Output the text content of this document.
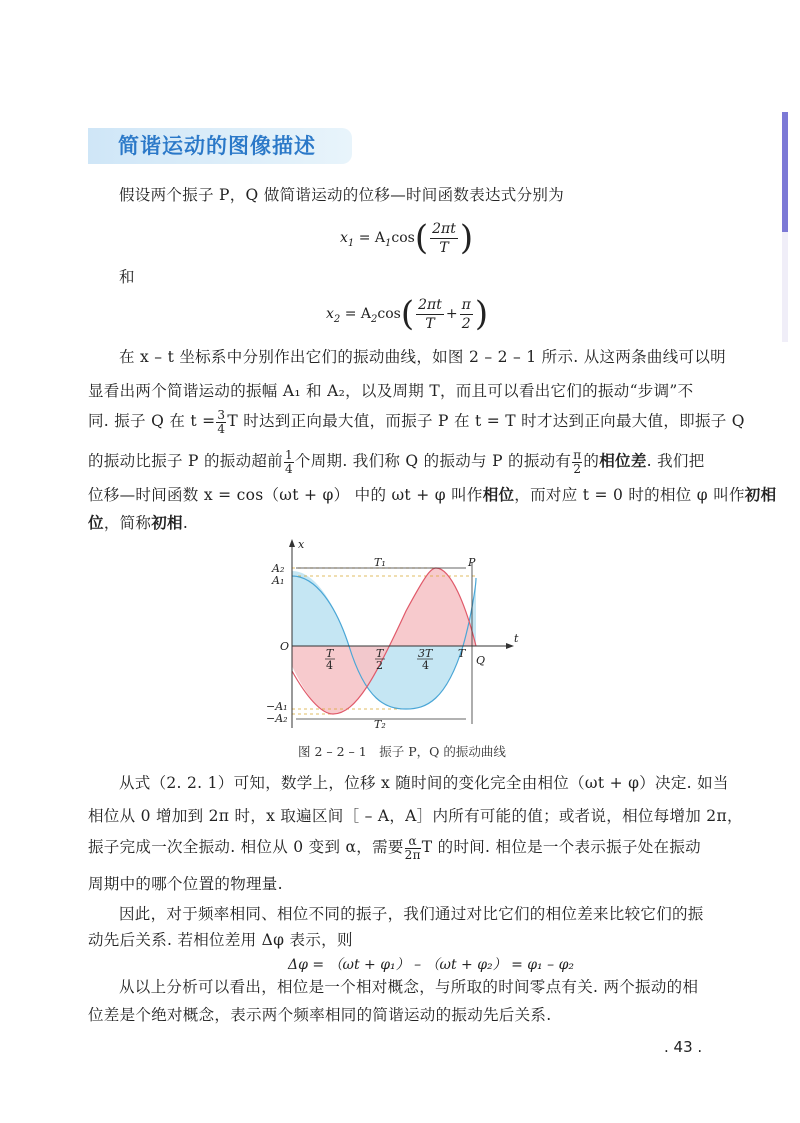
简谐运动的图像描述
假设两个振子 P，Q 做简谐运动的位移—时间函数表达式分别为
$x_1 = A_1\cos( \frac{2\pi t}{T}$ )
和
$x_2 = A_2\cos( \frac{2\pi t}{T} + \frac{\pi}{2}$ )
在 x – t 坐标系中分别作出它们的振动曲线，如图 2 – 2 – 1 所示. 从这两条曲线可以明
显看出两个简谐运动的振幅 A₁ 和 A₂，以及周期 T，而且可以看出它们的振动“步调”不
同. 振子 Q 在 $t = \frac{3}{4}$ T 时达到正向最大值，而振子 P 在 t = T 时才达到正向最大值，即振子 Q
的振动比振子 P 的振动超前 $\frac{1}{4}$ 个周期. 我们称 Q 的振动与 P 的振动有 $\frac{\pi}{2}$ 的相位差. 我们把
位移—时间函数 x = cos（ωt + φ） 中的 ωt + φ 叫作相位，而对应 t = 0 时的相位 φ 叫作初相
位，简称初相.
x
t
O
A₂
A₁
−A₁
−A₂
T₁
T₂
P
Q
T
4
T
2
3T
4
T
图 2 – 2 – 1　振子 P，Q 的振动曲线
从式（2. 2. 1）可知，数学上，位移 x 随时间的变化完全由相位（ωt + φ）决定. 如当
相位从 0 增加到 2π 时，x 取遍区间［ – A，A］内所有可能的值；或者说，相位每增加 2π，
振子完成一次全振动. 相位从 0 变到 α，需要 $\frac{\alpha}{2\pi}$ T 的时间. 相位是一个表示振子处在振动
周期中的哪个位置的物理量.
因此，对于频率相同、相位不同的振子，我们通过对比它们的相位差来比较它们的振
动先后关系. 若相位差用 Δφ 表示，则
Δφ = （ωt + φ₁） – （ωt + φ₂） = φ₁ – φ₂
从以上分析可以看出，相位是一个相对概念，与所取的时间零点有关. 两个振动的相
位差是个绝对概念，表示两个频率相同的简谐运动的振动先后关系.
. 43 .
